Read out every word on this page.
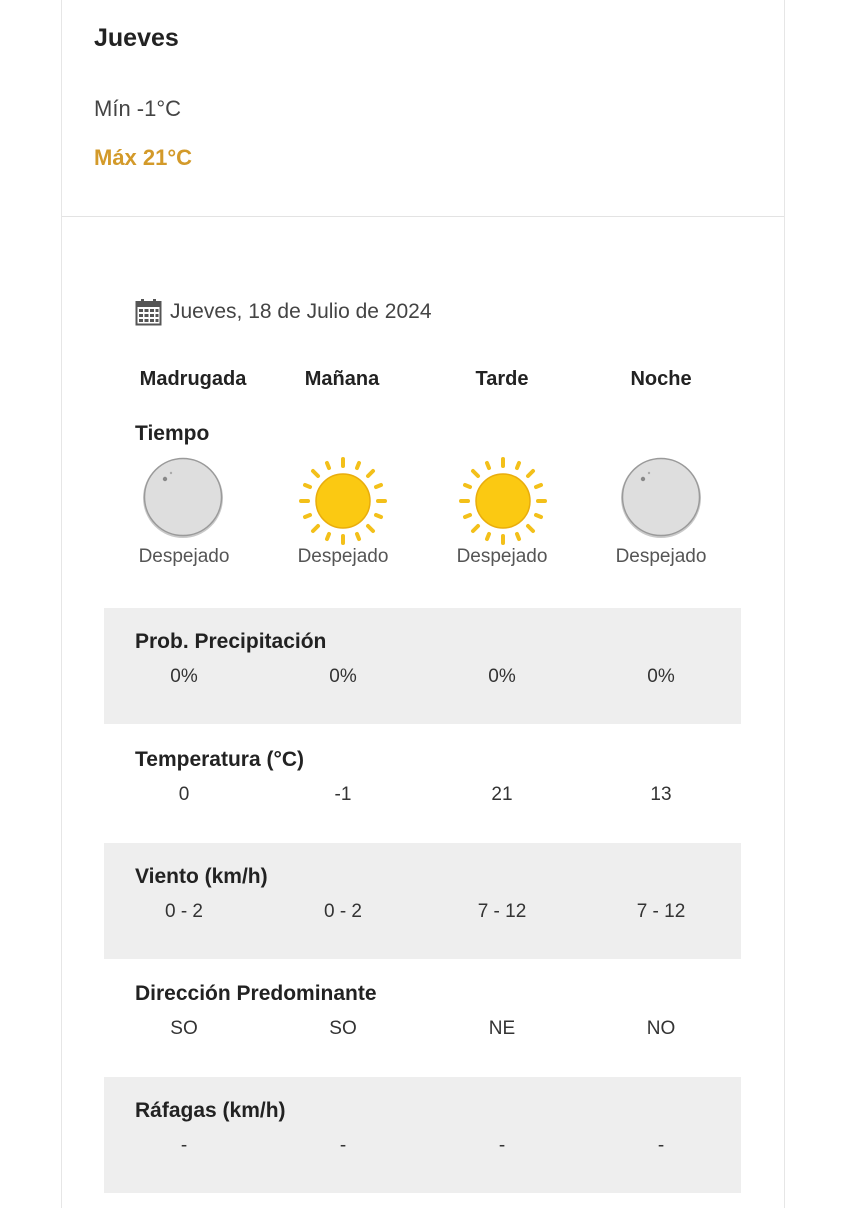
Jueves
Mín -1°C
Máx 21°C
Jueves, 18 de Julio de 2024
Madrugada	Mañana	Tarde	Noche
Tiempo
Despejado	Despejado	Despejado	Despejado
Prob. Precipitación
0%	0%	0%	0%
Temperatura (°C)
0	-1	21	13
Viento (km/h)
0 - 2	0 - 2	7 - 12	7 - 12
Dirección Predominante
SO	SO	NE	NO
Ráfagas (km/h)
-	-	-	-
